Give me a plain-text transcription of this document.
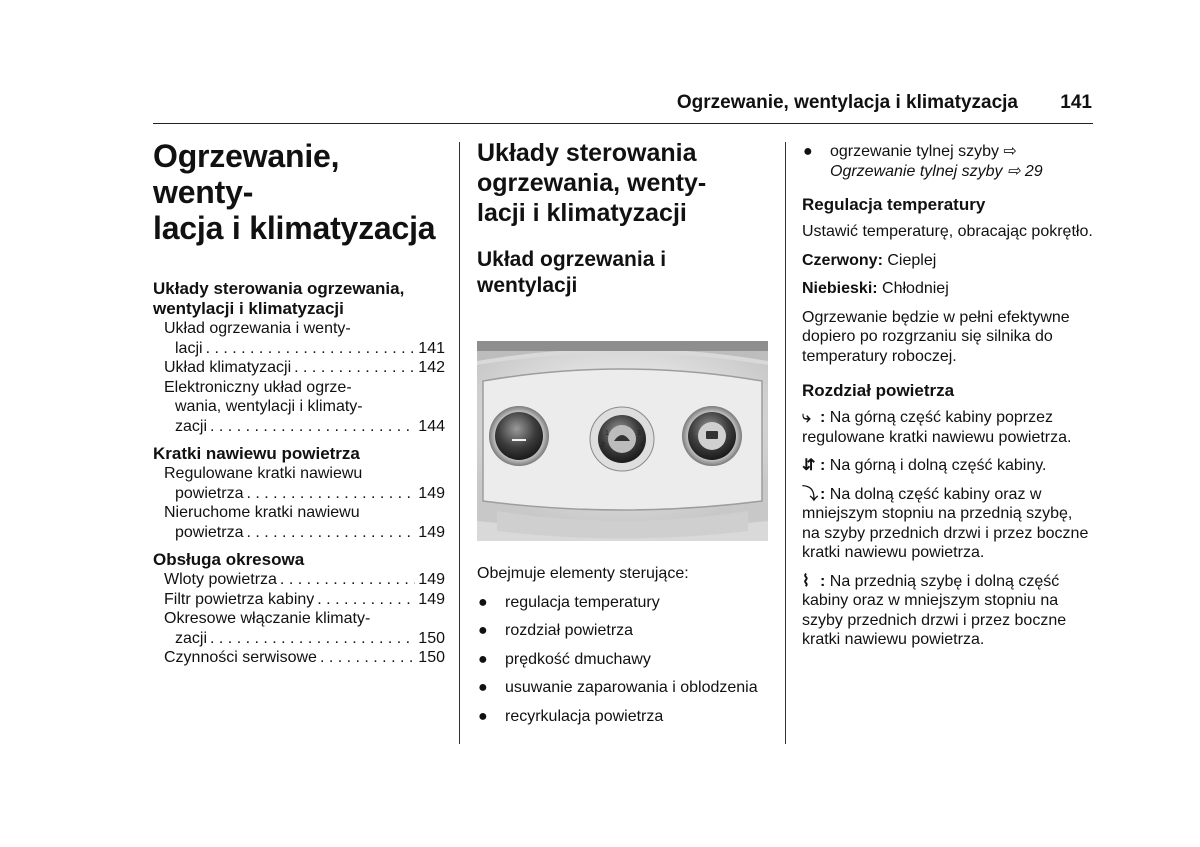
Ogrzewanie, wentylacja i klimatyzacja 141
Ogrzewanie, wenty-
lacja i klimatyzacja
Układy sterowania ogrzewania,
wentylacji i klimatyzacji
Układ ogrzewania i wenty-
lacji . . .	141
Układ klimatyzacji . . .	142
Elektroniczny układ ogrze-
wania, wentylacji i klimaty-
zacji . . .	144
Kratki nawiewu powietrza
Regulowane kratki nawiewu
powietrza . . .	149
Nieruchome kratki nawiewu
powietrza . . .	149
Obsługa okresowa
Wloty powietrza . . .	149
Filtr powietrza kabiny . . .	149
Okresowe włączanie klimaty-
zacji . . .	150
Czynności serwisowe . . .	150
Układy sterowania
ogrzewania, wenty-
lacji i klimatyzacji
Układ ogrzewania i
wentylacji
1
2
3
4
Obejmuje elementy sterujące:
● regulacja temperatury
● rozdział powietrza
● prędkość dmuchawy
● usuwanie zaparowania i oblodzenia
● recyrkulacja powietrza
● ogrzewanie tylnej szyby ⇨
Ogrzewanie tylnej szyby ⇨ 29
Regulacja temperatury

Ustawić temperaturę, obracając pokrętło.

Czerwony: Cieplej

Niebieski: Chłodniej

Ogrzewanie będzie w pełni efektywne dopiero po rozgrzaniu się silnika do temperatury roboczej.

Rozdział powietrza

⤷ : Na górną część kabiny poprzez regulowane kratki nawiewu powietrza.

⇵ : Na górną i dolną część kabiny.

⤵ : Na dolną część kabiny oraz w mniejszym stopniu na przednią szybę, na szyby przednich drzwi i przez boczne kratki nawiewu powietrza.

⌇ : Na przednią szybę i dolną część kabiny oraz w mniejszym stopniu na szyby przednich drzwi i przez boczne kratki nawiewu powietrza.
